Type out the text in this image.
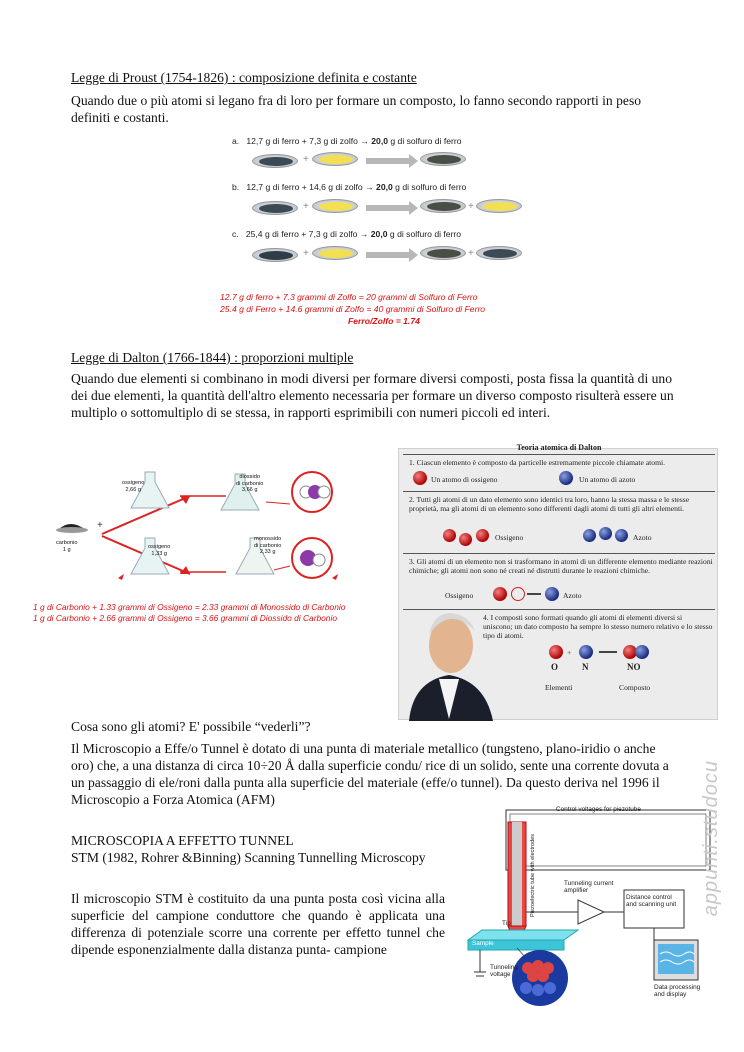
Legge di Proust (1754-1826) : composizione definita e costante
Quando due o più atomi si legano fra di loro per formare un composto, lo fanno secondo rapporti in peso definiti e costanti.
a. 12,7 g di ferro + 7,3 g di zolfo → 20,0 g di solfuro di ferro
+
b. 12,7 g di ferro + 14,6 g di zolfo → 20,0 g di solfuro di ferro
+	+
c. 25,4 g di ferro + 7,3 g di zolfo → 20,0 g di solfuro di ferro
+	+
12.7 g di ferro + 7.3 grammi di Zolfo = 20 grammi di Solfuro di Ferro
25.4 g di Ferro + 14.6 grammi di Zolfo = 40 grammi di Solfuro di Ferro
Ferro/Zolfo = 1.74
Legge di Dalton (1766-1844) : proporzioni multiple
Quando due elementi si combinano in modi diversi per formare diversi composti, posta fissa la quantità di uno dei due elementi, la quantità dell'altro elemento necessaria per formare un diverso composto risulterà essere un multiplo o sottomultiplo di se stessa, in rapporti esprimibili con numeri piccoli ed interi.
+
carbonio
1 g
ossigeno
2,66 g
diossido
di carbonio
3,66 g
ossigeno
1,33 g
monossido
di carbonio
2,33 g
1 g di Carbonio + 1.33 grammi di Ossigeno = 2.33 grammi di Monossido di Carbonio
1 g di Carbonio + 2.66 grammi di Ossigeno = 3.66 grammi di Diossido di Carbonio
Teoria atomica di Dalton
1. Ciascun elemento è composto da particelle estremamente piccole chiamate atomi.
Un atomo di ossigeno	Un atomo di azoto
2. Tutti gli atomi di un dato elemento sono identici tra loro, hanno la stessa massa e le stesse proprietà, ma gli atomi di un elemento sono differenti dagli atomi di tutti gli altri elementi.
Ossigeno	Azoto
3. Gli atomi di un elemento non si trasformano in atomi di un differente elemento mediante reazioni chimiche; gli atomi non sono né creati né distrutti durante le reazioni chimiche.
Ossigeno	Azoto
4. I composti sono formati quando gli atomi di elementi diversi si uniscono; un dato composto ha sempre lo stesso numero relativo e lo stesso tipo di atomi.
+
O	N	NO
Elementi	Composto
Cosa sono gli atomi? E' possibile “vederli”?
Il Microscopio a Effe/o Tunnel è dotato di una punta di materiale metallico (tungsteno, plano-iridio o anche oro) che, a una distanza di circa 10÷20 Å dalla superficie condu/ rice di un solido, sente una corrente dovuta a un passaggio di ele/roni dalla punta alla superficie del materiale (effe/o tunnel). Da questo deriva nel 1996 il Microscopio a Forza Atomica (AFM)
MICROSCOPIA A EFFETTO TUNNEL
STM (1982, Rohrer &Binning) Scanning Tunnelling Microscopy
Il microscopio STM è costituito da una punta posta così vicina alla superficie del campione conduttore che quando è applicata una differenza di potenziale scorre una corrente per effetto tunnel che dipende esponenzialmente dalla distanza punta- campione
Control voltages for piezotube
Piezoelectric tube with electrodes	Tunneling current amplifier
Distance control and scanning unit
Tip
Sample
Tunneling voltage
Data processing and display
appunti.studocu
